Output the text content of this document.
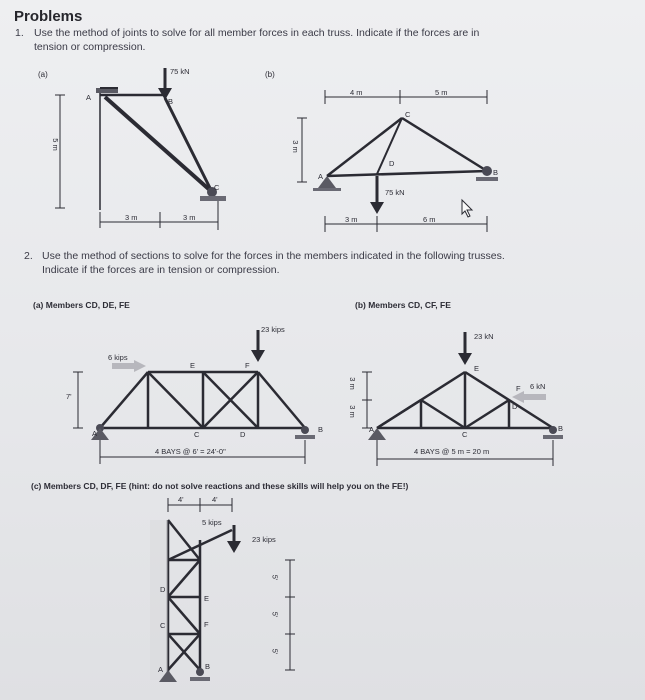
Problems
1. Use the method of joints to solve for all member forces in each truss. Indicate if the forces are in
tension or compression.
(a)	(b)
2. Use the method of sections to solve for the forces in the members indicated in the following trusses.
Indicate if the forces are in tension or compression.
(a) Members CD, DE, FE	(b) Members CD, CF, FE
(c) Members CD, DF, FE (hint: do not solve reactions and these skills will help you on the FE!)
75 kN
5 m
3 m	3 m
A	B
C
4 m	5 m
3 m
75 kN
3 m	6 m
A	B
C
D
23 kips
6 kips
7'
4 BAYS @ 6' = 24'-0"
A	B
C	D
E	F
23 kN
6 kN
3 m
3 m
4 BAYS @ 5 m = 20 m
A	B
C
D
E
F
4'	4'
5 kips
23 kips
5'
5'
5'
A	B
C
D
E
F
